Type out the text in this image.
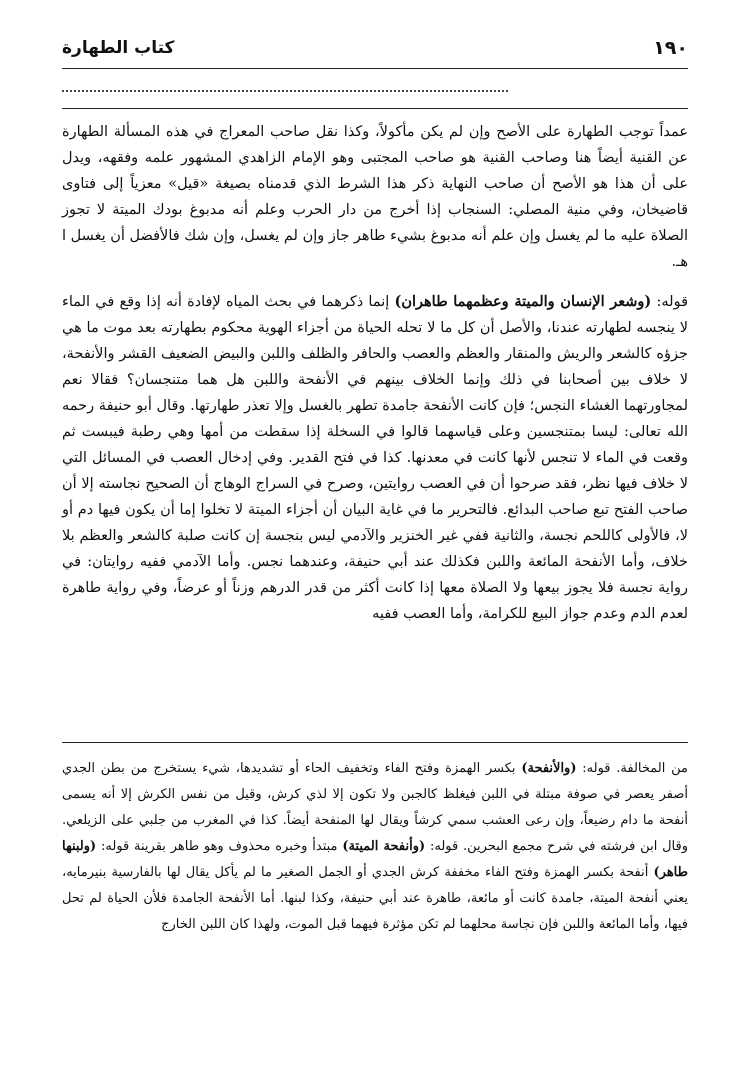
١٩٠
كتاب الطهارة

عمداً توجب الطهارة على الأصح وإن لم يكن مأكولاً، وكذا نقل صاحب المعراج في هذه المسألة الطهارة عن القنية أيضاً هنا وصاحب القنية هو صاحب المجتبى وهو الإمام الزاهدي المشهور علمه وفقهه، ويدل على أن هذا هو الأصح أن صاحب النهاية ذكر هذا الشرط الذي قدمناه بصيغة «قيل» معزياً إلى فتاوى قاضيخان، وفي منية المصلي: السنجاب إذا أخرج من دار الحرب وعلم أنه مدبوغ بودك الميتة لا تجوز الصلاة عليه ما لم يغسل وإن علم أنه مدبوغ بشيء طاهر جاز وإن لم يغسل، وإن شك فالأفضل أن يغسل ا هـ.

قوله: (وشعر الإنسان والميتة وعظمهما طاهران) إنما ذكرهما في بحث المياه لإفادة أنه إذا وقع في الماء لا ينجسه لطهارته عندنا، والأصل أن كل ما لا تحله الحياة من أجزاء الهوية محكوم بطهارته بعد موت ما هي جزؤه كالشعر والريش والمنقار والعظم والعصب والحافر والظلف واللبن والبيض الضعيف القشر والأنفحة، لا خلاف بين أصحابنا في ذلك وإنما الخلاف بينهم في الأنفحة واللبن هل هما متنجسان؟ فقالا نعم لمجاورتهما الغشاء النجس؛ فإن كانت الأنفحة جامدة تطهر بالغسل وإلا تعذر طهارتها. وقال أبو حنيفة رحمه الله تعالى: ليسا بمتنجسين وعلى قياسهما قالوا في السخلة إذا سقطت من أمها وهي رطبة فيبست ثم وقعت في الماء لا تنجس لأنها كانت في معدنها. كذا في فتح القدير. وفي إدخال العصب في المسائل التي لا خلاف فيها نظر، فقد صرحوا أن في العصب روايتين، وصرح في السراج الوهاج أن الصحيح نجاسته إلا أن صاحب الفتح تبع صاحب البدائع. فالتحرير ما في غاية البيان أن أجزاء الميتة لا تخلوا إما أن يكون فيها دم أو لا، فالأولى كاللحم نجسة، والثانية ففي غير الخنزير والآدمي ليس بنجسة إن كانت صلبة كالشعر والعظم بلا خلاف، وأما الأنفحة المائعة واللبن فكذلك عند أبي حنيفة، وعندهما نجس. وأما الآدمي ففيه روايتان: في رواية نجسة فلا يجوز بيعها ولا الصلاة معها إذا كانت أكثر من قدر الدرهم وزناً أو عرضاً، وفي رواية طاهرة لعدم الدم وعدم جواز البيع للكرامة، وأما العصب ففيه

من المخالفة. قوله: (والأنفحة) بكسر الهمزة وفتح الفاء وتخفيف الحاء أو تشديدها، شيء يستخرج من بطن الجدي أصفر يعصر في صوفة مبتلة في اللبن فيغلظ كالجبن ولا تكون إلا لذي كرش، وقيل من نفس الكرش إلا أنه يسمى أنفحة ما دام رضيعاً، وإن رعى العشب سمي كرشاً ويقال لها المنفحة أيضاً. كذا في المغرب من جلبي على الزيلعي. وقال ابن فرشته في شرح مجمع البحرين. قوله: (وأنفحة الميتة) مبتدأ وخبره محذوف وهو طاهر بقرينة قوله: (ولبنها طاهر) أنفحة بكسر الهمزة وفتح الفاء مخففة كرش الجدي أو الجمل الصغير ما لم يأكل يقال لها بالفارسية بنيرمايه، يعني أنفحة الميتة، جامدة كانت أو مائعة، طاهرة عند أبي حنيفة، وكذا لبنها. أما الأنفحة الجامدة فلأن الحياة لم تحل فيها، وأما المائعة واللبن فإن نجاسة محلهما لم تكن مؤثرة فيهما قبل الموت، ولهذا كان اللبن الخارج
